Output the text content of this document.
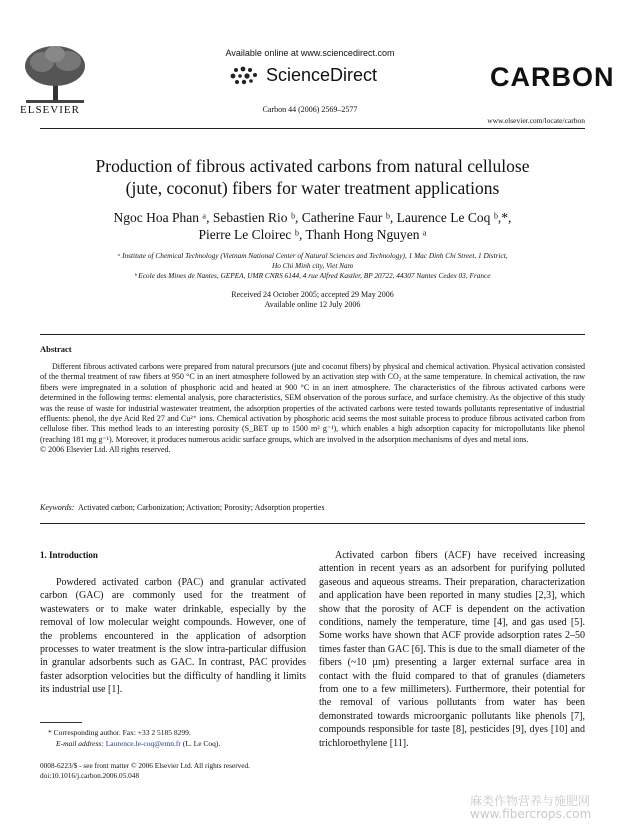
ELSEVIER
Available online at www.sciencedirect.com
ScienceDirect
Carbon 44 (2006) 2569–2577
CARBON
www.elsevier.com/locate/carbon
Production of fibrous activated carbons from natural cellulose
(jute, coconut) fibers for water treatment applications
Ngoc Hoa Phan ᵃ, Sebastien Rio ᵇ, Catherine Faur ᵇ, Laurence Le Coq ᵇ,*,
Pierre Le Cloirec ᵇ, Thanh Hong Nguyen ᵃ
ᵃ Institute of Chemical Technology (Vietnam National Center of Natural Sciences and Technology), 1 Mac Dinh Chi Street, 1 District,
Ho Chi Minh city, Viet Nam
ᵇ Ecole des Mines de Nantes, GEPEA, UMR CNRS 6144, 4 rue Alfred Kastler, BP 20722, 44307 Nantes Cedex 03, France
Received 24 October 2005; accepted 29 May 2006
Available online 12 July 2006
Abstract
Different fibrous activated carbons were prepared from natural precursors (jute and coconut fibers) by physical and chemical activation. Physical activation consisted of the thermal treatment of raw fibers at 950 °C in an inert atmosphere followed by an activation step with CO₂ at the same temperature. In chemical activation, the raw fibers were impregnated in a solution of phosphoric acid and heated at 900 °C in an inert atmosphere. The characteristics of the fibrous activated carbons were determined in the following terms: elemental analysis, pore characteristics, SEM observation of the porous surface, and surface chemistry. As the objective of this study was the reuse of waste for industrial wastewater treatment, the adsorption properties of the activated carbons were tested towards pollutants representative of industrial effluents: phenol, the dye Acid Red 27 and Cu²⁺ ions. Chemical activation by phosphoric acid seems the most suitable process to produce fibrous activated carbon from cellulose fiber. This method leads to an interesting porosity (S_BET up to 1500 m² g⁻¹), which enables a high adsorption capacity for micropollutants like phenol (reaching 181 mg g⁻¹). Moreover, it produces numerous acidic surface groups, which are involved in the adsorption mechanisms of dyes and metal ions.
© 2006 Elsevier Ltd. All rights reserved.
Keywords: Activated carbon; Carbonization; Activation; Porosity; Adsorption properties
1. Introduction
Powdered activated carbon (PAC) and granular activated carbon (GAC) are commonly used for the treatment of wastewaters or to make water drinkable, especially by the removal of low molecular weight compounds. However, one of the problems encountered in the application of adsorption processes to water treatment is the slow intra-particular diffusion in granular adsorbents such as GAC. In contrast, PAC provides faster adsorption velocities but the difficulty of handling it limits its industrial use [1].
Activated carbon fibers (ACF) have received increasing attention in recent years as an adsorbent for purifying polluted gaseous and aqueous streams. Their preparation, characterization and application have been reported in many studies [2,3], which show that the porosity of ACF is dependent on the activation conditions, namely the temperature, time [4], and gas used [5]. Some works have shown that ACF provide adsorption rates 2–50 times faster than GAC [6]. This is due to the small diameter of the fibers (~10 µm) presenting a larger external surface area in contact with the fluid compared to that of granules (diameters from one to a few millimeters). Furthermore, their potential for the removal of various pollutants from water has been demonstrated towards microorganic pollutants like phenols [7], compounds responsible for taste [8], pesticides [9], dyes [10] and trichloroethylene [11].
* Corresponding author. Fax: +33 2 5185 8299.
E-mail address: Laurence.le-coq@emn.fr (L. Le Coq).
0008-6223/$ - see front matter © 2006 Elsevier Ltd. All rights reserved.
doi:10.1016/j.carbon.2006.05.048
麻类作物营养与施肥网
www.fibercrops.com
